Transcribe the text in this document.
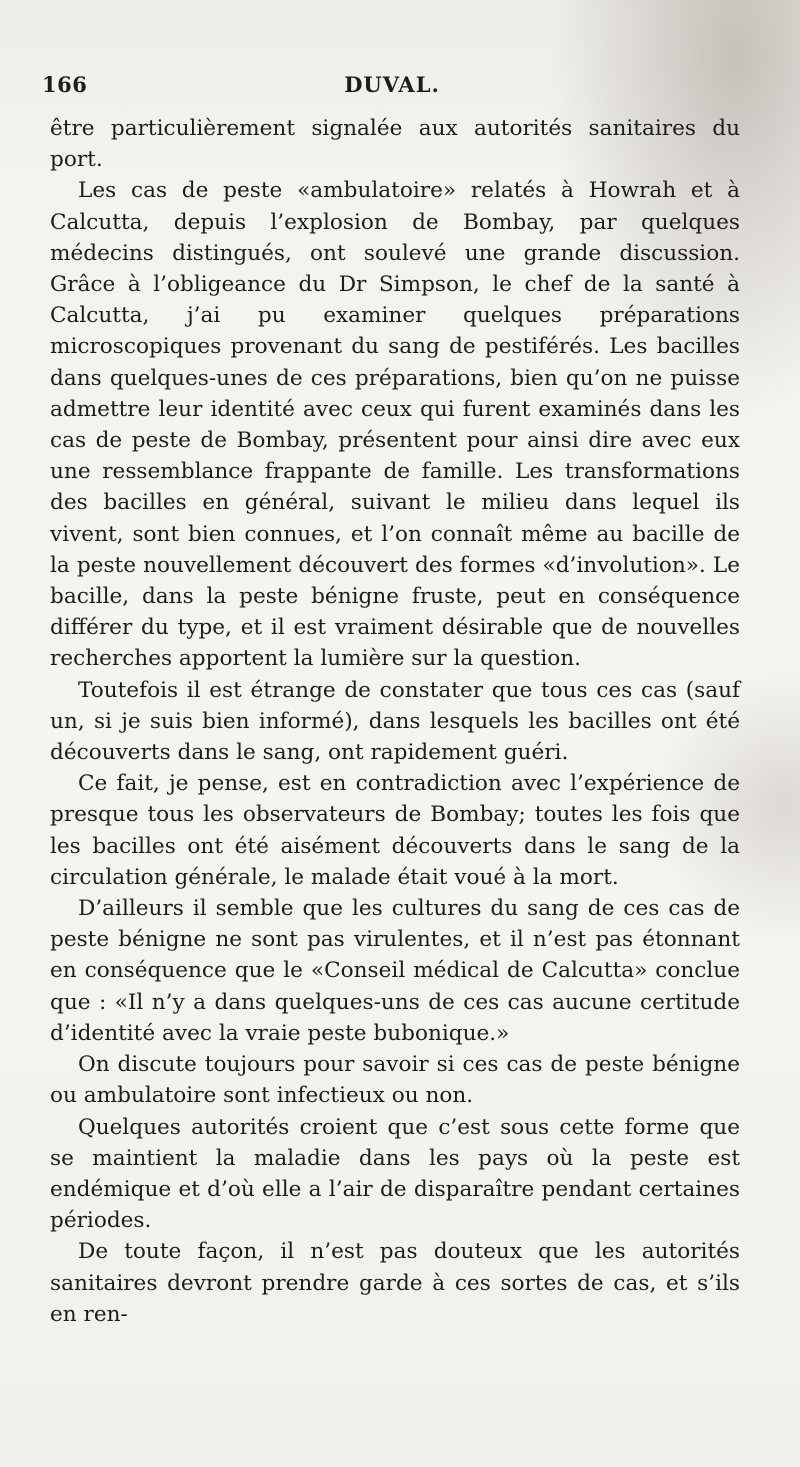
166	DUVAL.

être particulièrement signalée aux autorités sanitaires du port.

Les cas de peste «ambulatoire» relatés à Howrah et à Calcutta, depuis l’explosion de Bombay, par quelques médecins distingués, ont soulevé une grande discussion. Grâce à l’obligeance du Dr Simpson, le chef de la santé à Calcutta, j’ai pu examiner quelques préparations microscopiques provenant du sang de pestiférés. Les bacilles dans quelques-unes de ces préparations, bien qu’on ne puisse admettre leur identité avec ceux qui furent examinés dans les cas de peste de Bombay, présentent pour ainsi dire avec eux une ressemblance frappante de famille. Les transformations des bacilles en général, suivant le milieu dans lequel ils vivent, sont bien connues, et l’on connaît même au bacille de la peste nouvellement découvert des formes «d’involution». Le bacille, dans la peste bénigne fruste, peut en conséquence différer du type, et il est vraiment désirable que de nouvelles recherches apportent la lumière sur la question.

Toutefois il est étrange de constater que tous ces cas (sauf un, si je suis bien informé), dans lesquels les bacilles ont été découverts dans le sang, ont rapidement guéri.

Ce fait, je pense, est en contradiction avec l’expérience de presque tous les observateurs de Bombay; toutes les fois que les bacilles ont été aisément découverts dans le sang de la circulation générale, le malade était voué à la mort.

D’ailleurs il semble que les cultures du sang de ces cas de peste bénigne ne sont pas virulentes, et il n’est pas étonnant en conséquence que le «Conseil médical de Calcutta» conclue que : «Il n’y a dans quelques-uns de ces cas aucune certitude d’identité avec la vraie peste bubonique.»

On discute toujours pour savoir si ces cas de peste bénigne ou ambulatoire sont infectieux ou non.

Quelques autorités croient que c’est sous cette forme que se maintient la maladie dans les pays où la peste est endémique et d’où elle a l’air de disparaître pendant certaines périodes.

De toute façon, il n’est pas douteux que les autorités sanitaires devront prendre garde à ces sortes de cas, et s’ils en ren-
